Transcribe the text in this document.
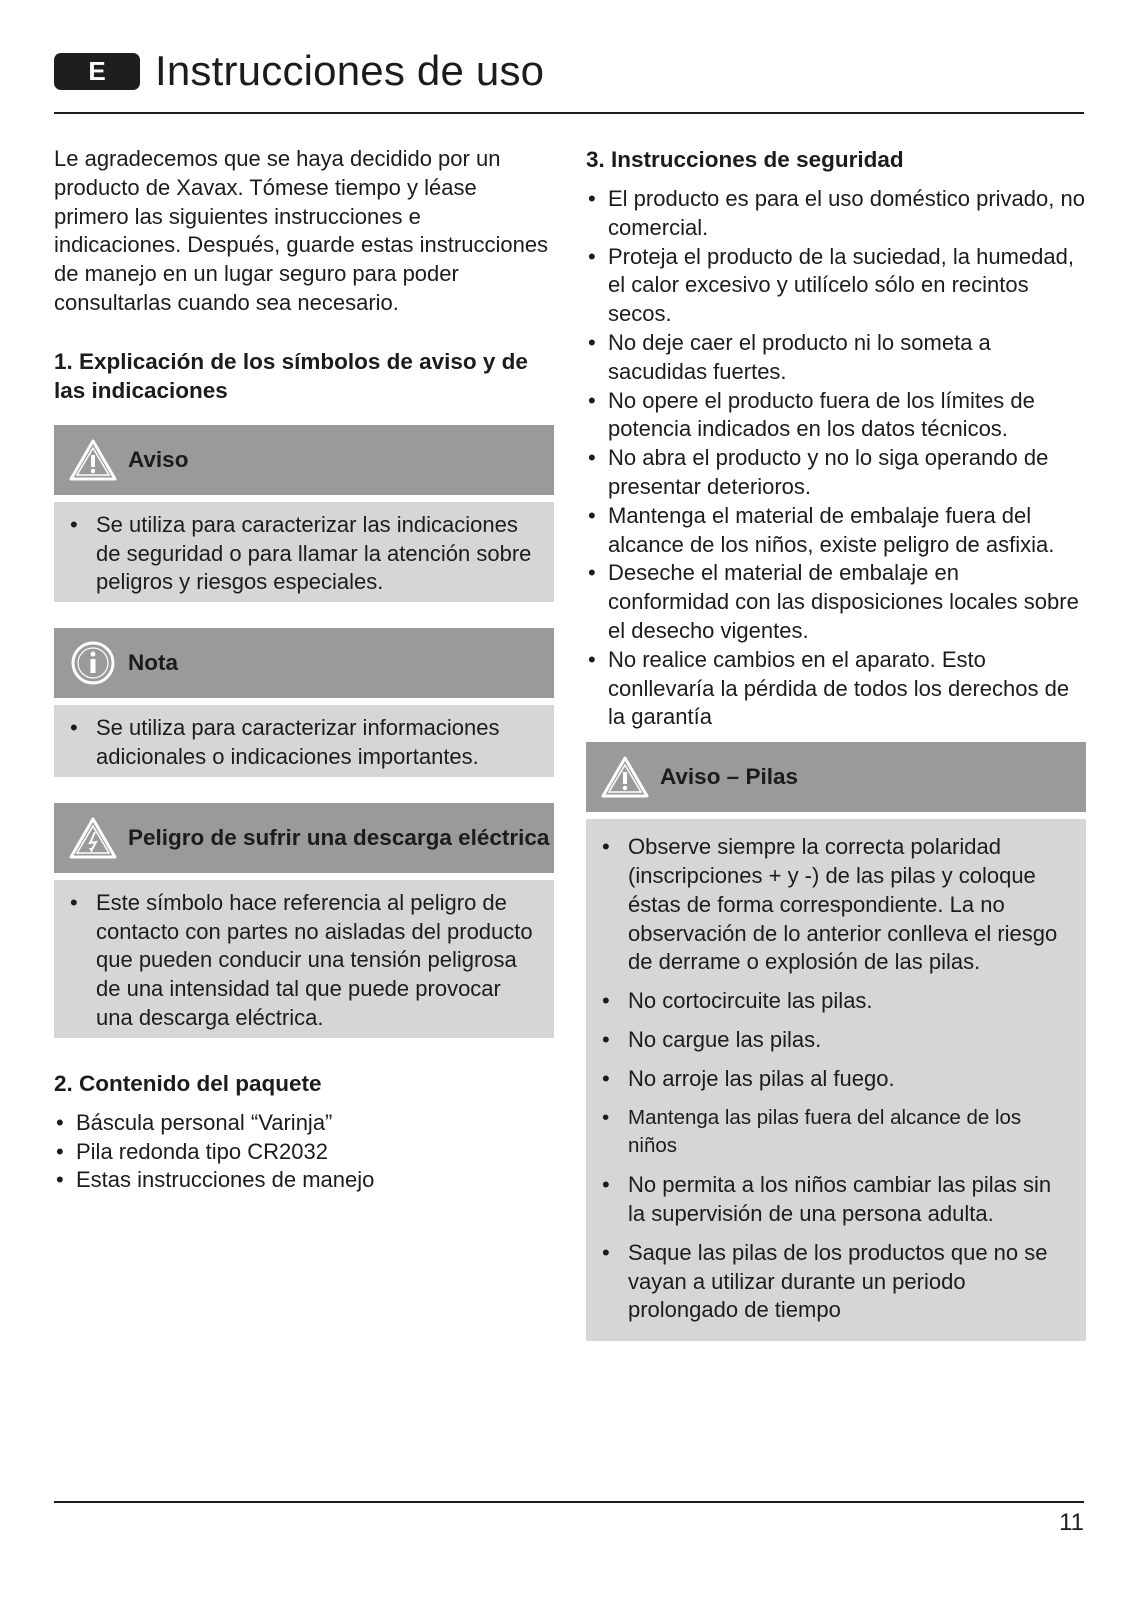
E	Instrucciones de uso

Le agradecemos que se haya decidido por un producto de Xavax. Tómese tiempo y léase primero las siguientes instrucciones e indicaciones. Después, guarde estas instrucciones de manejo en un lugar seguro para poder consultarlas cuando sea necesario.

1. Explicación de los símbolos de aviso y de las indicaciones
Aviso
• Se utiliza para caracterizar las indicaciones de seguridad o para llamar la atención sobre peligros y riesgos especiales.
Nota
• Se utiliza para caracterizar informaciones adicionales o indicaciones importantes.
Peligro de sufrir una descarga eléctrica
• Este símbolo hace referencia al peligro de contacto con partes no aisladas del producto que pueden conducir una tensión peligrosa de una intensidad tal que puede provocar una descarga eléctrica.
2. Contenido del paquete
• Báscula personal “Varinja”
• Pila redonda tipo CR2032
• Estas instrucciones de manejo
3. Instrucciones de seguridad
• El producto es para el uso doméstico privado, no comercial.
• Proteja el producto de la suciedad, la humedad, el calor excesivo y utilícelo sólo en recintos secos.
• No deje caer el producto ni lo someta a sacudidas fuertes.
• No opere el producto fuera de los límites de potencia indicados en los datos técnicos.
• No abra el producto y no lo siga operando de presentar deterioros.
• Mantenga el material de embalaje fuera del alcance de los niños, existe peligro de asfixia.
• Deseche el material de embalaje en conformidad con las disposiciones locales sobre el desecho vigentes.
• No realice cambios en el aparato. Esto conllevaría la pérdida de todos los derechos de la garantía
Aviso – Pilas
• Observe siempre la correcta polaridad (inscripciones + y -) de las pilas y coloque éstas de forma correspondiente. La no observación de lo anterior conlleva el riesgo de derrame o explosión de las pilas.
• No cortocircuite las pilas.
• No cargue las pilas.
• No arroje las pilas al fuego.
• Mantenga las pilas fuera del alcance de los niños
• No permita a los niños cambiar las pilas sin la supervisión de una persona adulta.
• Saque las pilas de los productos que no se vayan a utilizar durante un periodo prolongado de tiempo
11
